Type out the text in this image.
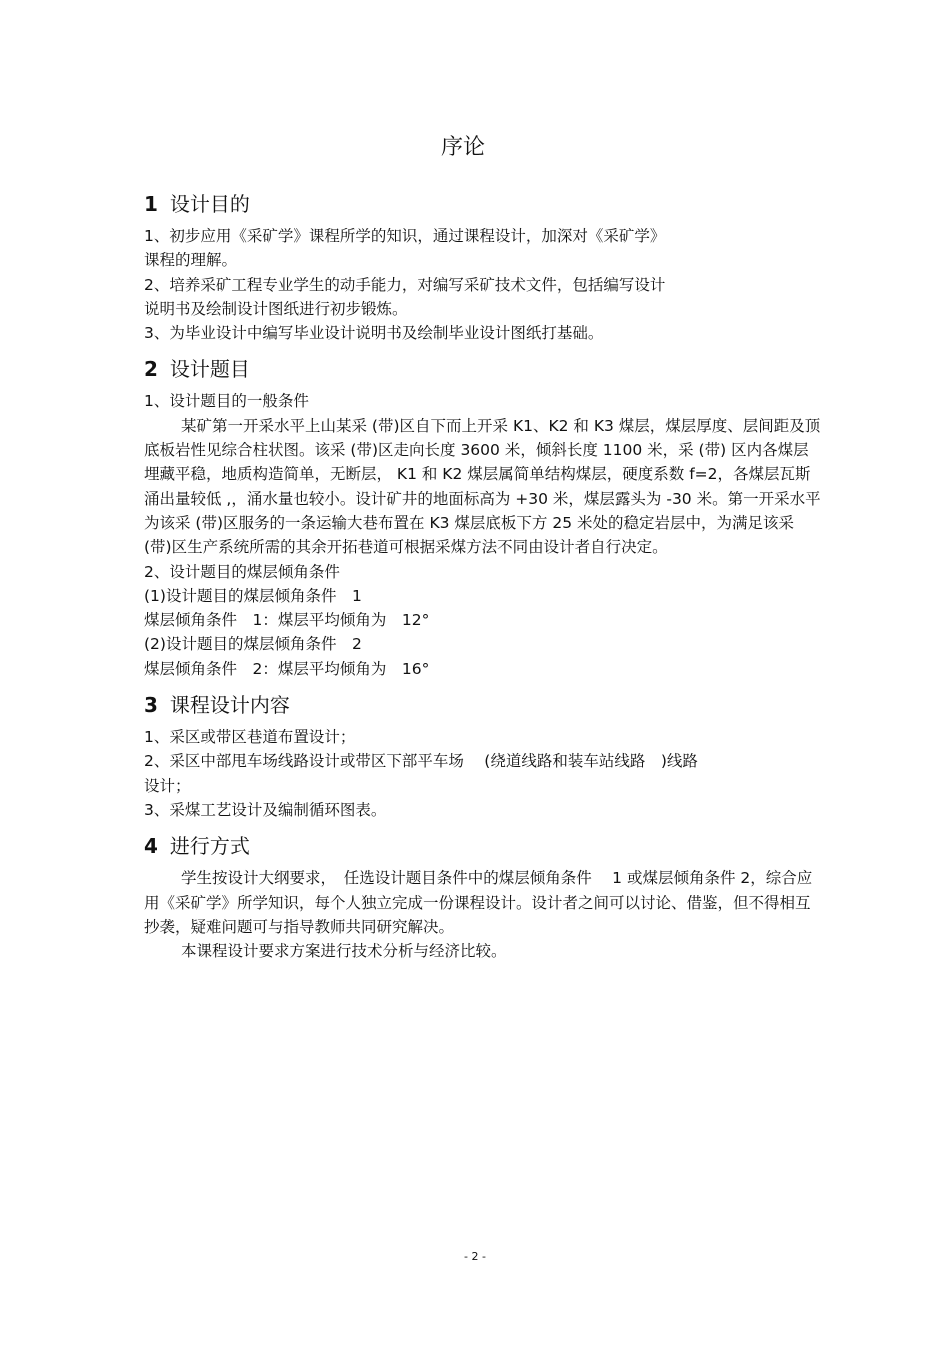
序论
1 设计目的

1、初步应用《采矿学》课程所学的知识，通过课程设计，加深对《采矿学》

课程的理解。

2、培养采矿工程专业学生的动手能力，对编写采矿技术文件，包括编写设计

说明书及绘制设计图纸进行初步锻炼。

3、为毕业设计中编写毕业设计说明书及绘制毕业设计图纸打基础。

2 设计题目

1、设计题目的一般条件

某矿第一开采水平上山某采 (带)区自下而上开采 K1、K2 和 K3 煤层，煤层厚度、层间距及顶底板岩性见综合柱状图。该采 (带)区走向长度 3600 米，倾斜长度 1100 米，采 (带) 区内各煤层埋藏平稳，地质构造简单，无断层， K1 和 K2 煤层属简单结构煤层，硬度系数 f=2，各煤层瓦斯涌出量较低 ,，涌水量也较小。设计矿井的地面标高为 +30 米，煤层露头为 -30 米。第一开采水平为该采 (带)区服务的一条运输大巷布置在 K3 煤层底板下方 25 米处的稳定岩层中，为满足该采 (带)区生产系统所需的其余开拓巷道可根据采煤方法不同由设计者自行决定。

2、设计题目的煤层倾角条件

(1)设计题目的煤层倾角条件　1

煤层倾角条件　1：煤层平均倾角为　12°

(2)设计题目的煤层倾角条件　2

煤层倾角条件　2：煤层平均倾角为　16°

3 课程设计内容

1、采区或带区巷道布置设计；

2、采区中部甩车场线路设计或带区下部平车场　 (绕道线路和装车站线路　)线路

设计；

3、采煤工艺设计及编制循环图表。

4 进行方式

学生按设计大纲要求，　任选设计题目条件中的煤层倾角条件　 1 或煤层倾角条件 2，综合应用《采矿学》所学知识，每个人独立完成一份课程设计。设计者之间可以讨论、借鉴，但不得相互抄袭，疑难问题可与指导教师共同研究解决。

本课程设计要求方案进行技术分析与经济比较。

- 2 -
